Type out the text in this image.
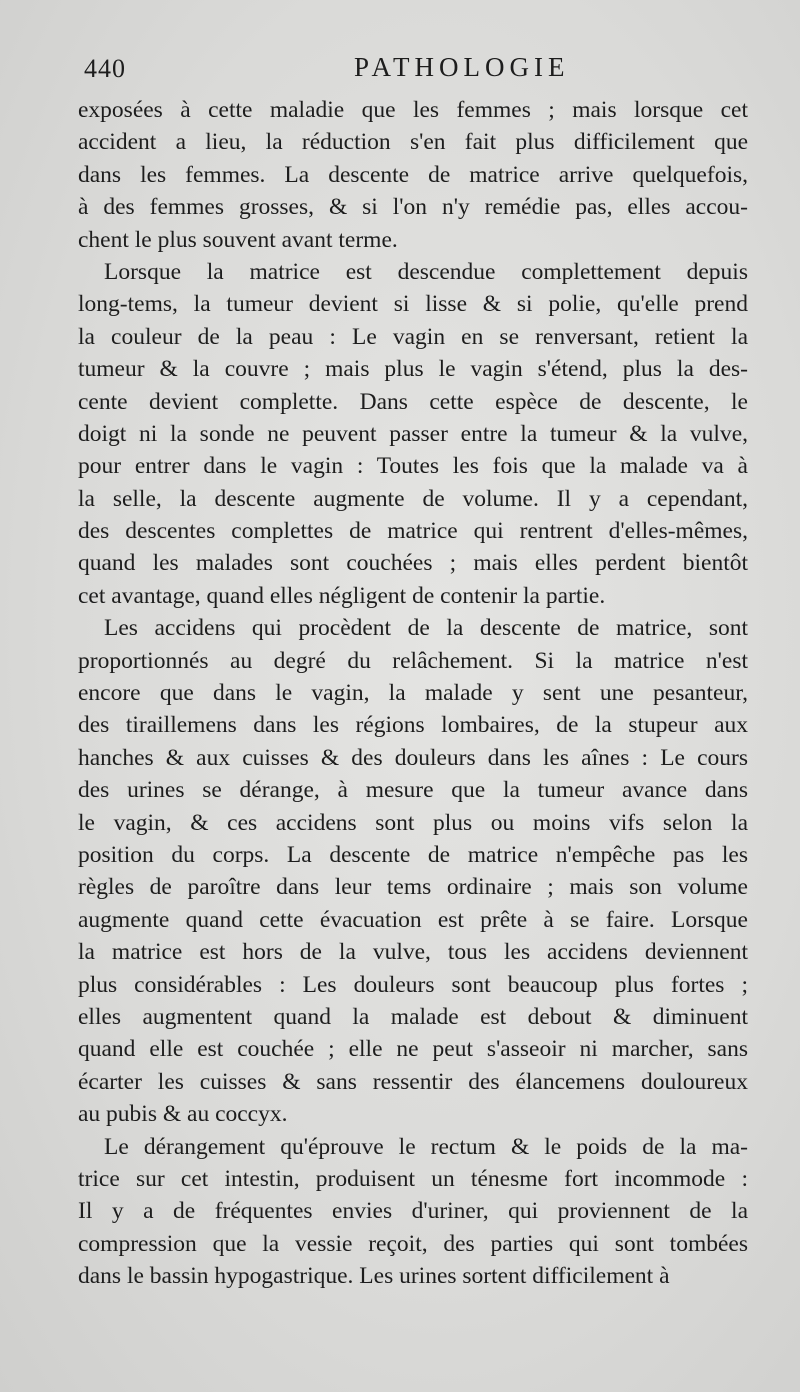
440	PATHOLOGIE
exposées à cette maladie que les femmes ; mais lorsque cet
accident a lieu, la réduction s'en fait plus difficilement que
dans les femmes. La descente de matrice arrive quelquefois,
à des femmes grosses, & si l'on n'y remédie pas, elles accou-
chent le plus souvent avant terme.
Lorsque la matrice est descendue complettement depuis
long-tems, la tumeur devient si lisse & si polie, qu'elle prend
la couleur de la peau : Le vagin en se renversant, retient la
tumeur & la couvre ; mais plus le vagin s'étend, plus la des-
cente devient complette. Dans cette espèce de descente, le
doigt ni la sonde ne peuvent passer entre la tumeur & la vulve,
pour entrer dans le vagin : Toutes les fois que la malade va à
la selle, la descente augmente de volume. Il y a cependant,
des descentes complettes de matrice qui rentrent d'elles-mêmes,
quand les malades sont couchées ; mais elles perdent bientôt
cet avantage, quand elles négligent de contenir la partie.
Les accidens qui procèdent de la descente de matrice, sont
proportionnés au degré du relâchement. Si la matrice n'est
encore que dans le vagin, la malade y sent une pesanteur,
des tiraillemens dans les régions lombaires, de la stupeur aux
hanches & aux cuisses & des douleurs dans les aînes : Le cours
des urines se dérange, à mesure que la tumeur avance dans
le vagin, & ces accidens sont plus ou moins vifs selon la
position du corps. La descente de matrice n'empêche pas les
règles de paroître dans leur tems ordinaire ; mais son volume
augmente quand cette évacuation est prête à se faire. Lorsque
la matrice est hors de la vulve, tous les accidens deviennent
plus considérables : Les douleurs sont beaucoup plus fortes ;
elles augmentent quand la malade est debout & diminuent
quand elle est couchée ; elle ne peut s'asseoir ni marcher, sans
écarter les cuisses & sans ressentir des élancemens douloureux
au pubis & au coccyx.
Le dérangement qu'éprouve le rectum & le poids de la ma-
trice sur cet intestin, produisent un ténesme fort incommode :
Il y a de fréquentes envies d'uriner, qui proviennent de la
compression que la vessie reçoit, des parties qui sont tombées
dans le bassin hypogastrique. Les urines sortent difficilement à
